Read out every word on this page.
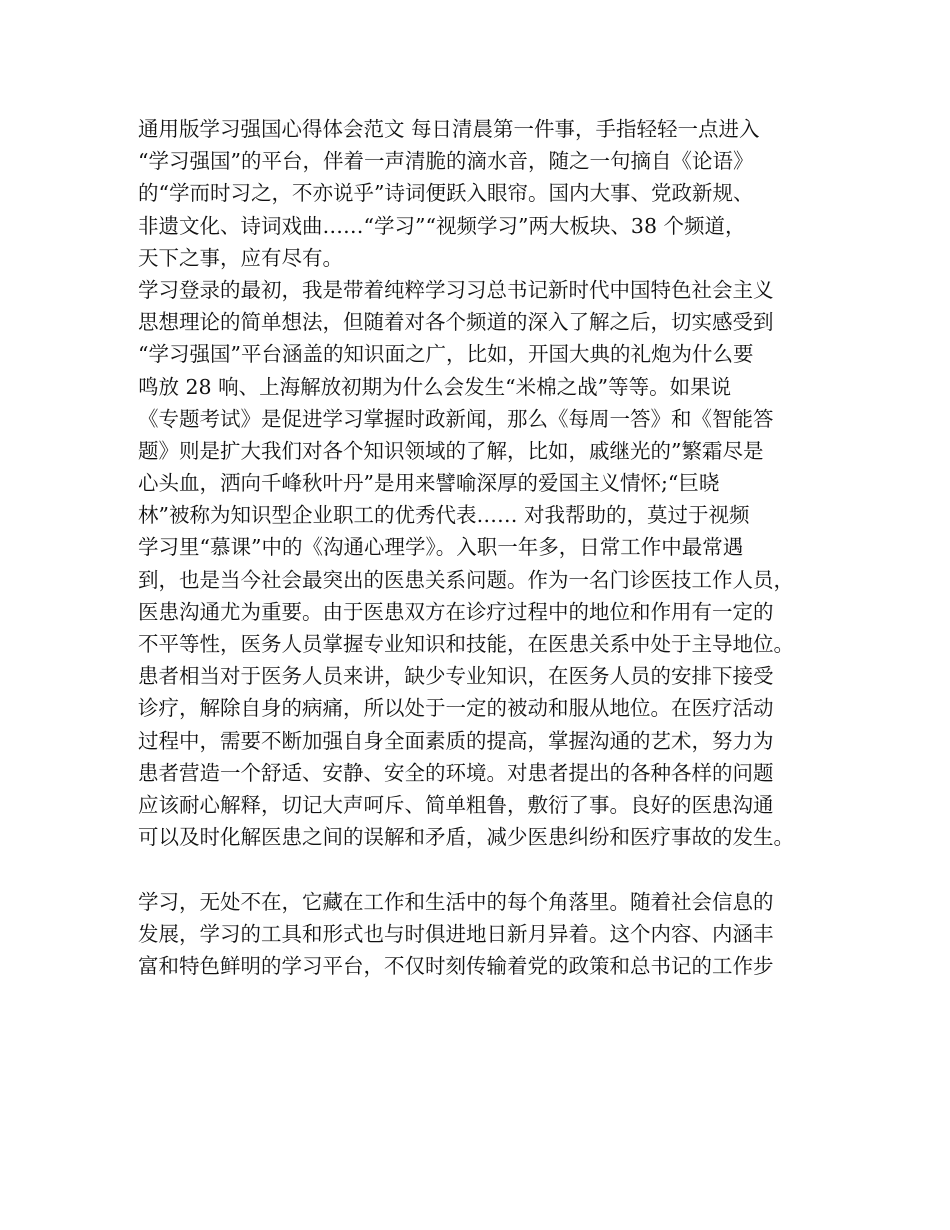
通用版学习强国心得体会范文 每日清晨第一件事，手指轻轻一点进入
“学习强国”的平台，伴着一声清脆的滴水音，随之一句摘自《论语》
的“学而时习之，不亦说乎”诗词便跃入眼帘。国内大事、党政新规、
非遗文化、诗词戏曲……“学习”“视频学习”两大板块、38 个频道，
天下之事，应有尽有。
学习登录的最初，我是带着纯粹学习习总书记新时代中国特色社会主义
思想理论的简单想法，但随着对各个频道的深入了解之后，切实感受到
“学习强国”平台涵盖的知识面之广，比如，开国大典的礼炮为什么要
鸣放 28 响、上海解放初期为什么会发生“米棉之战”等等。如果说
《专题考试》是促进学习掌握时政新闻，那么《每周一答》和《智能答
题》则是扩大我们对各个知识领域的了解，比如，戚继光的”繁霜尽是
心头血，洒向千峰秋叶丹”是用来譬喻深厚的爱国主义情怀;“巨晓
林”被称为知识型企业职工的优秀代表…… 对我帮助的，莫过于视频
学习里“慕课”中的《沟通心理学》。入职一年多，日常工作中最常遇
到，也是当今社会最突出的医患关系问题。作为一名门诊医技工作人员，
医患沟通尤为重要。由于医患双方在诊疗过程中的地位和作用有一定的
不平等性，医务人员掌握专业知识和技能，在医患关系中处于主导地位。
患者相当对于医务人员来讲，缺少专业知识，在医务人员的安排下接受
诊疗，解除自身的病痛，所以处于一定的被动和服从地位。在医疗活动
过程中，需要不断加强自身全面素质的提高，掌握沟通的艺术，努力为
患者营造一个舒适、安静、安全的环境。对患者提出的各种各样的问题
应该耐心解释，切记大声呵斥、简单粗鲁，敷衍了事。良好的医患沟通
可以及时化解医患之间的误解和矛盾，减少医患纠纷和医疗事故的发生。
学习，无处不在，它藏在工作和生活中的每个角落里。随着社会信息的
发展，学习的工具和形式也与时俱进地日新月异着。这个内容、内涵丰
富和特色鲜明的学习平台，不仅时刻传输着党的政策和总书记的工作步
